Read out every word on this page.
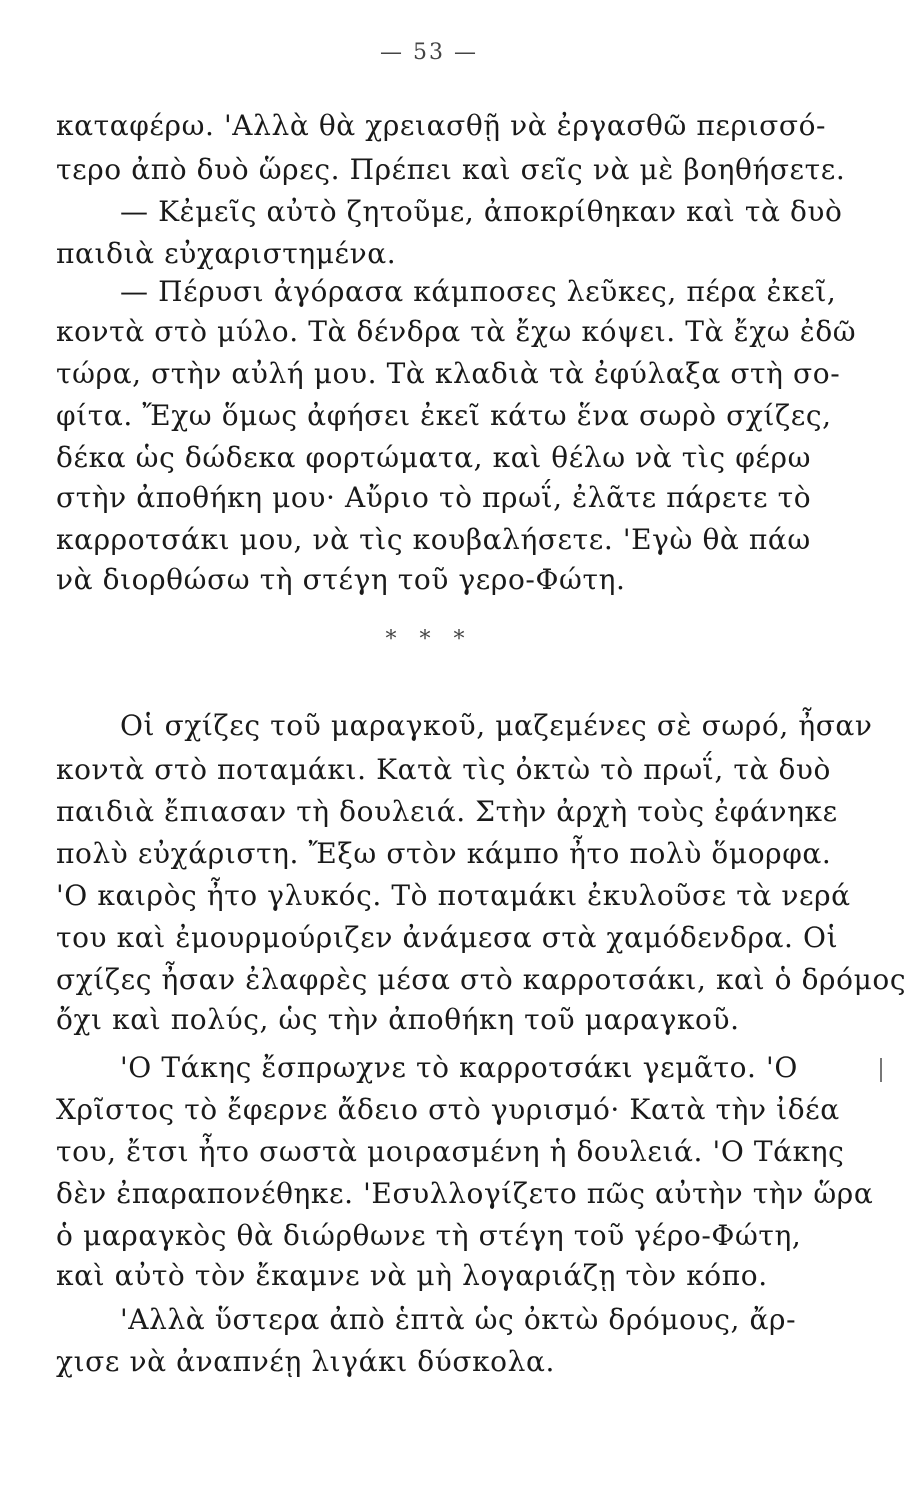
— 53 —
καταφέρω. 'Αλλὰ θὰ χρειασθῇ νὰ ἐργασθῶ περισσό-
τερο ἀπὸ δυὸ ὥρες. Πρέπει καὶ σεῖς νὰ μὲ βοηθήσετε.
— Κἐμεῖς αὐτὸ ζητοῦμε, ἀποκρίθηκαν καὶ τὰ δυὸ
παιδιὰ εὐχαριστημένα.
— Πέρυσι ἀγόρασα κάμποσες λεῦκες, πέρα ἐκεῖ,
κοντὰ στὸ μύλο. Τὰ δένδρα τὰ ἔχω κόψει. Τὰ ἔχω ἐδῶ
τώρα, στὴν αὐλή μου. Τὰ κλαδιὰ τὰ ἐφύλαξα στὴ σο-
φίτα. Ἔχω ὅμως ἀφήσει ἐκεῖ κάτω ἕνα σωρὸ σχίζες,
δέκα ὡς δώδεκα φορτώματα, καὶ θέλω νὰ τὶς φέρω
στὴν ἀποθήκη μου· Αὔριο τὸ πρωΐ, ἐλᾶτε πάρετε τὸ
καρροτσάκι μου, νὰ τὶς κουβαλήσετε. 'Εγὼ θὰ πάω
νὰ διορθώσω τὴ στέγη τοῦ γερο-Φώτη.
Οἱ σχίζες τοῦ μαραγκοῦ, μαζεμένες σὲ σωρό, ἦσαν
κοντὰ στὸ ποταμάκι. Κατὰ τὶς ὀκτὼ τὸ πρωΐ, τὰ δυὸ
παιδιὰ ἔπιασαν τὴ δουλειά. Στὴν ἀρχὴ τοὺς ἐφάνηκε
πολὺ εὐχάριστη. Ἔξω στὸν κάμπο ἦτο πολὺ ὅμορφα.
'Ο καιρὸς ἦτο γλυκός. Τὸ ποταμάκι ἐκυλοῦσε τὰ νερά
του καὶ ἐμουρμούριζεν ἀνάμεσα στὰ χαμόδενδρα. Οἱ
σχίζες ἦσαν ἐλαφρὲς μέσα στὸ καρροτσάκι, καὶ ὁ δρόμος
ὄχι καὶ πολύς, ὡς τὴν ἀποθήκη τοῦ μαραγκοῦ.
'Ο Τάκης ἔσπρωχνε τὸ καρροτσάκι γεμᾶτο. 'Ο
Χρῖστος τὸ ἔφερνε ἄδειο στὸ γυρισμό· Κατὰ τὴν ἰδέα
του, ἔτσι ἦτο σωστὰ μοιρασμένη ἡ δουλειά. 'Ο Τάκης
δὲν ἐπαραπονέθηκε. 'Εσυλλογίζετο πῶς αὐτὴν τὴν ὥρα
ὁ μαραγκὸς θὰ διώρθωνε τὴ στέγη τοῦ γέρο-Φώτη,
καὶ αὐτὸ τὸν ἔκαμνε νὰ μὴ λογαριάζῃ τὸν κόπο.
'Αλλὰ ὕστερα ἀπὸ ἑπτὰ ὡς ὀκτὼ δρόμους, ἄρ-
χισε νὰ ἀναπνέῃ λιγάκι δύσκολα.
* * *
